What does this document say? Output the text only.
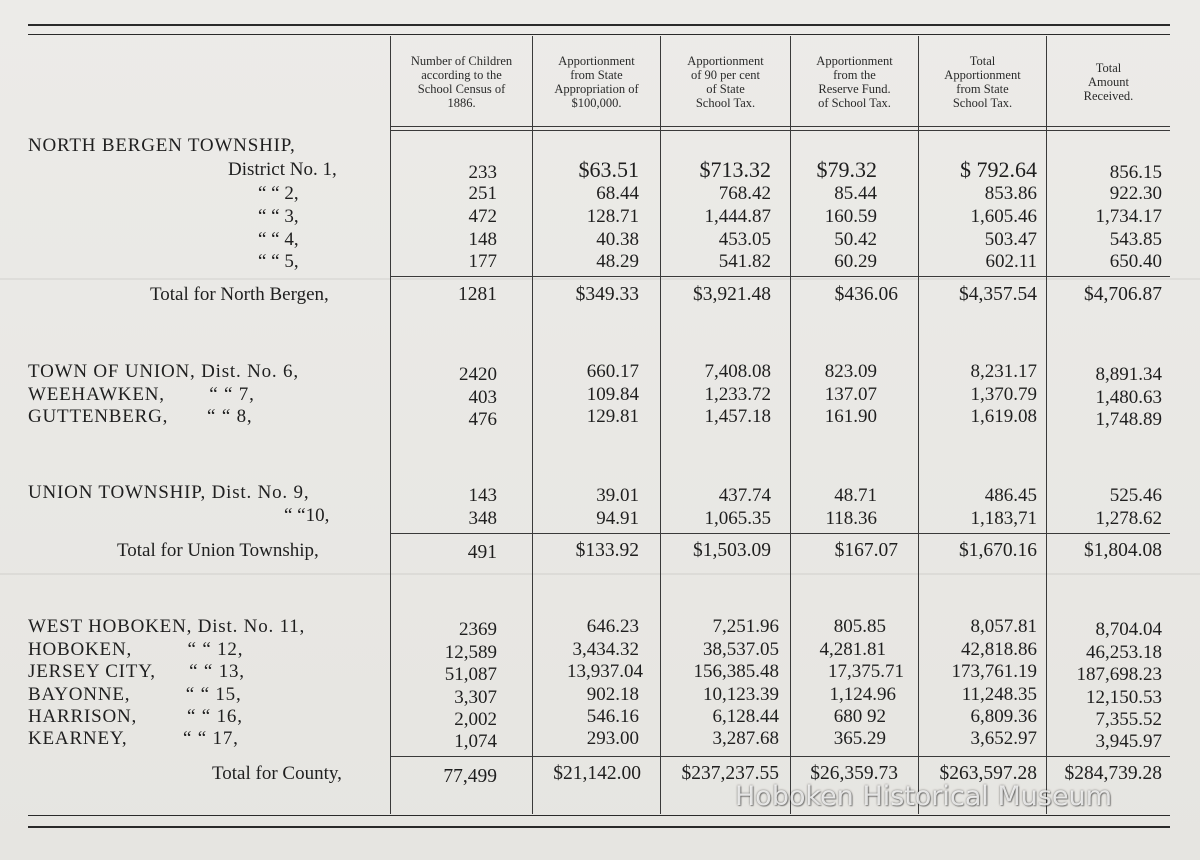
Number of Children
according to the
School Census of
1886.
Apportionment
from State
Appropriation of
$100,000.
Apportionment
of 90 per cent
of State
School Tax.
Apportionment
from the
Reserve Fund.
of School Tax.
Total
Apportionment
from State
School Tax.
Total
Amount
Received.
NORTH BERGEN TOWNSHIP,
District No. 1,	233	$63.51	$713.32	$79.32	$ 792.64	856.15
“ “ 2,	251	68.44	768.42	85.44	853.86	922.30
“ “ 3,	472	128.71	1,444.87	160.59	1,605.46	1,734.17
“ “ 4,	148	40.38	453.05	50.42	503.47	543.85
“ “ 5,	177	48.29	541.82	60.29	602.11	650.40
Total for North Bergen,	1281	$349.33	$3,921.48	$436.06	$4,357.54	$4,706.87
TOWN OF UNION, Dist. No. 6,	2420	660.17	7,408.08	823.09	8,231.17	8,891.34
WEEHAWKEN,        “ “ 7,	403	109.84	1,233.72	137.07	1,370.79	1,480.63
GUTTENBERG,       “ “ 8,	476	129.81	1,457.18	161.90	1,619.08	1,748.89
UNION TOWNSHIP, Dist. No. 9,	143	39.01	437.74	48.71	486.45	525.46
“ “10,	348	94.91	1,065.35	118.36	1,183,71	1,278.62
Total for Union Township,	491	$133.92	$1,503.09	$167.07	$1,670.16	$1,804.08
WEST HOBOKEN, Dist. No. 11,	2369	646.23	7,251.96	805.85	8,057.81	8,704.04
HOBOKEN,          “ “ 12,	12,589	3,434.32	38,537.05	4,281.81	42,818.86	46,253.18
JERSEY CITY,      “ “ 13,	51,087	13,937.04	156,385.48	17,375.71	173,761.19	187,698.23
BAYONNE,          “ “ 15,	3,307	902.18	10,123.39	1,124.96	11,248.35	12,150.53
HARRISON,         “ “ 16,	2,002	546.16	6,128.44	680 92	6,809.36	7,355.52
KEARNEY,          “ “ 17,	1,074	293.00	3,287.68	365.29	3,652.97	3,945.97
Total for County,	77,499	$21,142.00	$237,237.55	$26,359.73	$263,597.28	$284,739.28
Hoboken Historical Museum
